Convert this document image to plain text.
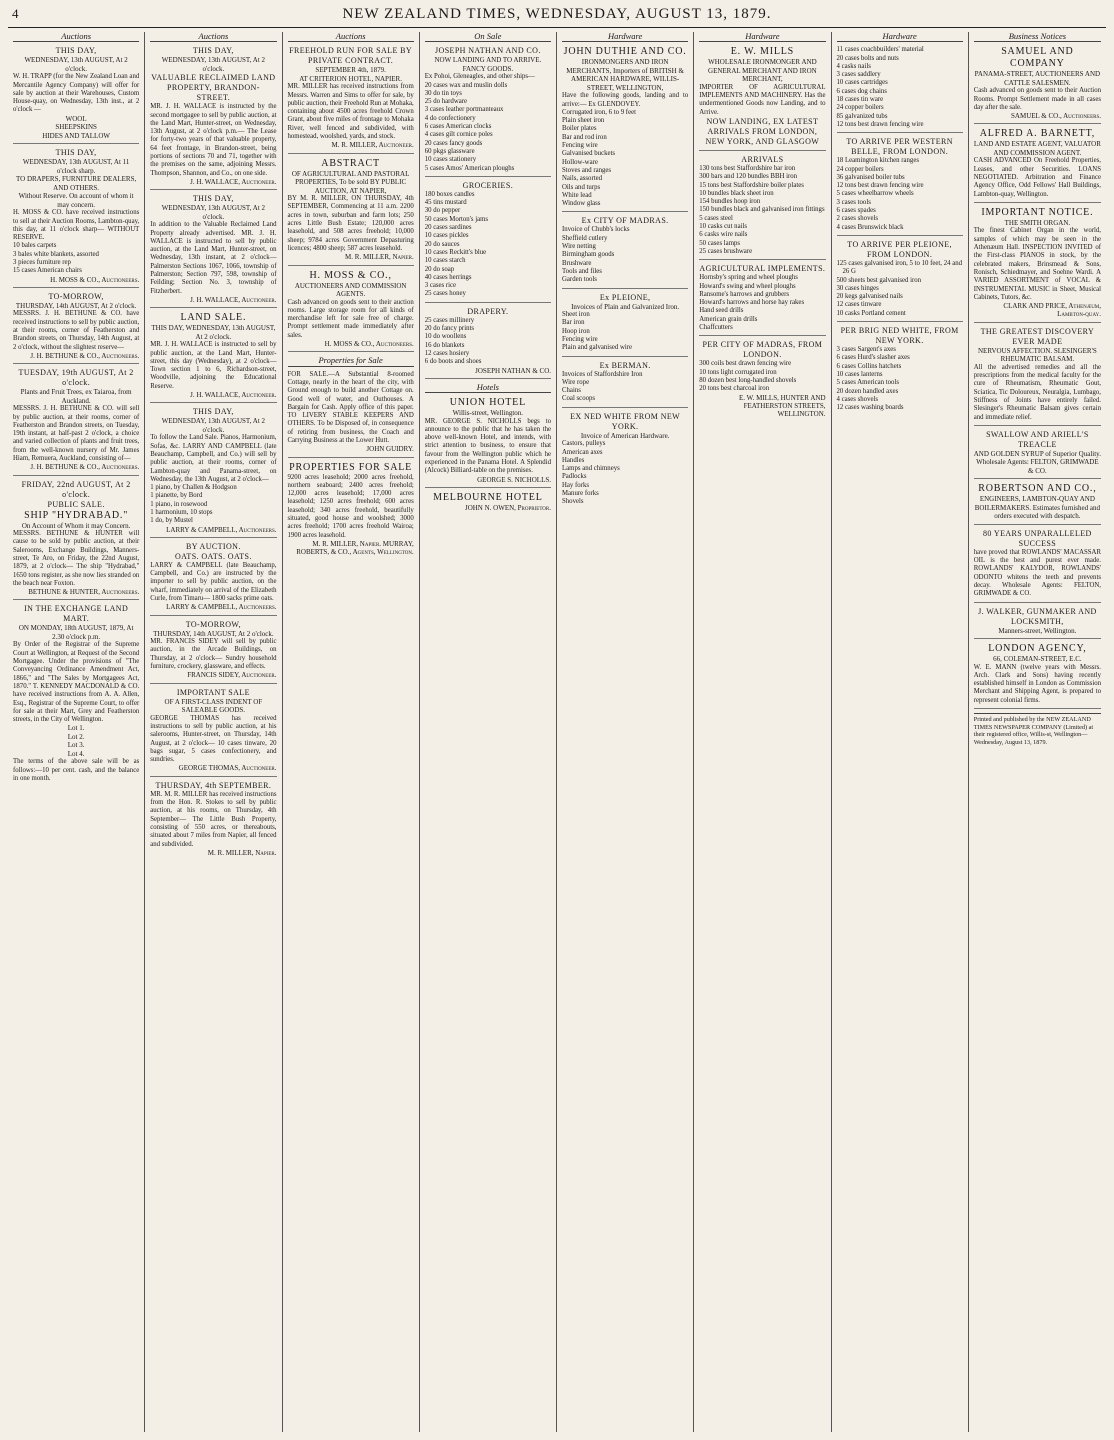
4	NEW ZEALAND TIMES, WEDNESDAY, AUGUST 13, 1879.
Auctions
THIS DAY,
WEDNESDAY, 13th AUGUST, At 2 o'clock.
W. H. TRAPP (for the New Zealand Loan and Mercantile Agency Company) will offer for sale by auction at their Warehouses, Custom House-quay, on Wednesday, 13th inst., at 2 o'clock —
WOOL
SHEEPSKINS
HIDES AND TALLOW
THIS DAY,
WEDNESDAY, 13th AUGUST, At 11 o'clock sharp.
TO DRAPERS, FURNITURE DEALERS, AND OTHERS.
Without Reserve. On account of whom it may concern.
H. MOSS & CO. have received instructions to sell at their Auction Rooms, Lambton-quay, this day, at 11 o'clock sharp— WITHOUT RESERVE.
10 bales carpets
3 bales white blankets, assorted
3 pieces furniture rep
15 cases American chairs
H. MOSS & CO., Auctioneers.
TO-MORROW,
THURSDAY, 14th AUGUST, At 2 o'clock.
MESSRS. J. H. BETHUNE & CO. have received instructions to sell by public auction, at their rooms, corner of Featherston and Brandon streets, on Thursday, 14th August, at 2 o'clock, without the slightest reserve—
J. H. BETHUNE & CO., Auctioneers.
TUESDAY, 19th AUGUST, At 2 o'clock.
Plants and Fruit Trees, ex Taiaroa, from Auckland.
MESSRS. J. H. BETHUNE & CO. will sell by public auction, at their rooms, corner of Featherston and Brandon streets, on Tuesday, 19th instant, at half-past 2 o'clock, a choice and varied collection of plants and fruit trees, from the well-known nursery of Mr. James Hiam, Remuera, Auckland, consisting of—
J. H. BETHUNE & CO., Auctioneers.
FRIDAY, 22nd AUGUST, At 2 o'clock.
PUBLIC SALE.
SHIP "HYDRABAD."
On Account of Whom it may Concern.
MESSRS. BETHUNE & HUNTER will cause to be sold by public auction, at their Salerooms, Exchange Buildings, Manners-street, Te Aro, on Friday, the 22nd August, 1879, at 2 o'clock— The ship "Hydrabad," 1650 tons register, as she now lies stranded on the beach near Foxton.
BETHUNE & HUNTER, Auctioneers.
IN THE EXCHANGE LAND MART.
ON MONDAY, 18th AUGUST, 1879, At 2.30 o'clock p.m.
By Order of the Registrar of the Supreme Court at Wellington, at Request of the Second Mortgagee. Under the provisions of "The Conveyancing Ordinance Amendment Act, 1866," and "The Sales by Mortgagees Act, 1870." T. KENNEDY MACDONALD & CO. have received instructions from A. A. Allen, Esq., Registrar of the Supreme Court, to offer for sale at their Mart, Grey and Featherston streets, in the City of Wellington.
Lot 1.
Lot 2.
Lot 3.
Lot 4.
The terms of the above sale will be as follows:—10 per cent. cash, and the balance in one month.
Auctions
THIS DAY,
WEDNESDAY, 13th AUGUST, At 2 o'clock.
VALUABLE RECLAIMED LAND PROPERTY, BRANDON-STREET.
MR. J. H. WALLACE is instructed by the second mortgagee to sell by public auction, at the Land Mart, Hunter-street, on Wednesday, 13th August, at 2 o'clock p.m.— The Lease for forty-two years of that valuable property, 64 feet frontage, in Brandon-street, being portions of sections 70 and 71, together with the premises on the same, adjoining Messrs. Thompson, Shannon, and Co., on one side.
J. H. WALLACE, Auctioneer.
THIS DAY,
WEDNESDAY, 13th AUGUST, At 2 o'clock.
In addition to the Valuable Reclaimed Land Property already advertised. MR. J. H. WALLACE is instructed to sell by public auction, at the Land Mart, Hunter-street, on Wednesday, 13th instant, at 2 o'clock— Palmerston Sections 1067, 1066, township of Palmerston; Section 797, 598, township of Feilding; Section No. 3, township of Fitzherbert.
J. H. WALLACE, Auctioneer.
LAND SALE.
THIS DAY, WEDNESDAY, 13th AUGUST, At 2 o'clock.
MR. J. H. WALLACE is instructed to sell by public auction, at the Land Mart, Hunter-street, this day (Wednesday), at 2 o'clock— Town section 1 to 6, Richardson-street, Woodville, adjoining the Educational Reserve.
J. H. WALLACE, Auctioneer.
THIS DAY,
WEDNESDAY, 13th AUGUST, At 2 o'clock.
To follow the Land Sale. Pianos, Harmonium, Sofas, &c. LARRY AND CAMPBELL (late Beauchamp, Campbell, and Co.) will sell by public auction, at their rooms, corner of Lambton-quay and Panama-street, on Wednesday, the 13th August, at 2 o'clock—
1 piano, by Challen & Hodgson
1 pianette, by Bord
1 piano, in rosewood
1 harmonium, 10 stops
1 do, by Mustel
LARRY & CAMPBELL, Auctioneers.
BY AUCTION.
OATS. OATS. OATS.
LARRY & CAMPBELL (late Beauchamp, Campbell, and Co.) are instructed by the importer to sell by public auction, on the wharf, immediately on arrival of the Elizabeth Curle, from Timaru— 1800 sacks prime oats.
LARRY & CAMPBELL, Auctioneers.
TO-MORROW,
THURSDAY, 14th AUGUST, At 2 o'clock.
MR. FRANCIS SIDEY will sell by public auction, in the Arcade Buildings, on Thursday, at 2 o'clock— Sundry household furniture, crockery, glassware, and effects.
FRANCIS SIDEY, Auctioneer.
IMPORTANT SALE
OF A FIRST-CLASS INDENT OF SALEABLE GOODS.
GEORGE THOMAS has received instructions to sell by public auction, at his salerooms, Hunter-street, on Thursday, 14th August, at 2 o'clock— 10 cases tinware, 20 bags sugar, 5 cases confectionery, and sundries.
GEORGE THOMAS, Auctioneer.
THURSDAY, 4th SEPTEMBER.
MR. M. R. MILLER has received instructions from the Hon. R. Stokes to sell by public auction, at his rooms, on Thursday, 4th September— The Little Bush Property, consisting of 550 acres, or thereabouts, situated about 7 miles from Napier, all fenced and subdivided.
M. R. MILLER, Napier.
Auctions
FREEHOLD RUN FOR SALE BY PRIVATE CONTRACT.
SEPTEMBER 4th, 1879.
AT CRITERION HOTEL, NAPIER.
MR. MILLER has received instructions from Messrs. Warren and Sims to offer for sale, by public auction, their Freehold Run at Mohaka, containing about 4500 acres freehold Crown Grant, about five miles of frontage to Mohaka River, well fenced and subdivided, with homestead, woolshed, yards, and stock.
M. R. MILLER, Auctioneer.
ABSTRACT
OF AGRICULTURAL AND PASTORAL PROPERTIES, To be sold BY PUBLIC AUCTION, AT NAPIER,
BY M. R. MILLER, ON THURSDAY, 4th SEPTEMBER, Commencing at 11 a.m. 2200 acres in town, suburban and farm lots; 250 acres Little Bush Estate; 120,000 acres leasehold, and 508 acres freehold; 10,000 sheep; 9784 acres Government Depasturing licences; 4800 sheep; 587 acres leasehold.
M. R. MILLER, Napier.
H. MOSS & CO.,
AUCTIONEERS AND COMMISSION AGENTS.
Cash advanced on goods sent to their auction rooms. Large storage room for all kinds of merchandise left for sale free of charge. Prompt settlement made immediately after sales.
H. MOSS & CO., Auctioneers.
Properties for Sale
FOR SALE.—A Substantial 8-roomed Cottage, nearly in the heart of the city, with Ground enough to build another Cottage on. Good well of water, and Outhouses. A Bargain for Cash. Apply office of this paper. TO LIVERY STABLE KEEPERS AND OTHERS. To be Disposed of, in consequence of retiring from business, the Coach and Carrying Business at the Lower Hutt.
JOHN GUIDRY.
PROPERTIES FOR SALE
9200 acres leasehold; 2000 acres freehold, northern seaboard; 2400 acres freehold; 12,000 acres leasehold; 17,000 acres leasehold; 1250 acres freehold; 600 acres leasehold; 340 acres freehold, beautifully situated, good house and woolshed; 3000 acres freehold; 1700 acres freehold Wairoa; 1900 acres leasehold.
M. R. MILLER, Napier. MURRAY, ROBERTS, & CO., Agents, Wellington.
On Sale
JOSEPH NATHAN AND CO.
NOW LANDING AND TO ARRIVE. FANCY GOODS.
Ex Pohoi, Gleneagles, and other ships—
20 cases wax and muslin dolls
30 do tin toys
25 do hardware
3 cases leather portmanteaux
4 do confectionery
6 cases American clocks
4 cases gilt cornice poles
20 cases fancy goods
60 pkgs glassware
10 cases stationery
5 cases Amos' American ploughs
GROCERIES.
180 boxes candles
45 tins mustard
30 do pepper
50 cases Morton's jams
20 cases sardines
10 cases pickles
20 do sauces
10 cases Reckitt's blue
10 cases starch
20 do soap
40 cases herrings
3 cases rice
25 cases honey
DRAPERY.
25 cases millinery
20 do fancy prints
10 do woollens
16 do blankets
12 cases hosiery
6 do boots and shoes
JOSEPH NATHAN & CO.
Hotels
UNION HOTEL
Willis-street, Wellington.
MR. GEORGE S. NICHOLLS begs to announce to the public that he has taken the above well-known Hotel, and intends, with strict attention to business, to ensure that favour from the Wellington public which he experienced in the Panama Hotel. A Splendid (Alcock) Billiard-table on the premises.
GEORGE S. NICHOLLS.
MELBOURNE HOTEL
JOHN N. OWEN, Proprietor.
Hardware
JOHN DUTHIE AND CO.
IRONMONGERS AND IRON MERCHANTS, Importers of BRITISH & AMERICAN HARDWARE, WILLIS-STREET, WELLINGTON,
Have the following goods, landing and to arrive:— Ex GLENDOVEY.
Corrugated iron, 6 to 9 feet
Plain sheet iron
Boiler plates
Bar and rod iron
Fencing wire
Galvanised buckets
Hollow-ware
Stoves and ranges
Nails, assorted
Oils and turps
White lead
Window glass
Ex CITY OF MADRAS.
Invoice of Chubb's locks
Sheffield cutlery
Wire netting
Birmingham goods
Brushware
Tools and files
Garden tools
Ex PLEIONE,
Invoices of Plain and Galvanized Iron.
Sheet iron
Bar iron
Hoop iron
Fencing wire
Plain and galvanised wire
Ex BERMAN.
Invoices of Staffordshire Iron
Wire rope
Chains
Coal scoops
EX NED WHITE FROM NEW YORK.
Invoice of American Hardware.
Castors, pulleys
American axes
Handles
Lamps and chimneys
Padlocks
Hay forks
Manure forks
Shovels
Hardware
E. W. MILLS
WHOLESALE IRONMONGER AND GENERAL MERCHANT AND IRON MERCHANT,
IMPORTER OF AGRICULTURAL IMPLEMENTS AND MACHINERY. Has the undermentioned Goods now Landing, and to Arrive.
NOW LANDING, EX LATEST ARRIVALS FROM LONDON, NEW YORK, AND GLASGOW
ARRIVALS
130 tons best Staffordshire bar iron
300 bars and 120 bundles BBH iron
15 tons best Staffordshire boiler plates
10 bundles black sheet iron
154 bundles hoop iron
150 bundles black and galvanised iron fittings
5 cases steel
10 casks cut nails
6 casks wire nails
50 cases lamps
25 cases brushware
AGRICULTURAL IMPLEMENTS.
Hornsby's spring and wheel ploughs
Howard's swing and wheel ploughs
Ransome's harrows and grubbers
Howard's harrows and horse hay rakes
Hand seed drills
American grain drills
Chaffcutters
PER CITY OF MADRAS, FROM LONDON.
300 coils best drawn fencing wire
10 tons light corrugated iron
80 dozen best long-handled shovels
20 tons best charcoal iron
E. W. MILLS, HUNTER AND FEATHERSTON STREETS, WELLINGTON.
Hardware
11 cases coachbuilders' material
20 cases bolts and nuts
4 casks nails
3 cases saddlery
10 cases cartridges
6 cases dog chains
18 cases tin ware
24 copper boilers
85 galvanized tubs
12 tons best drawn fencing wire
TO ARRIVE PER WESTERN BELLE, FROM LONDON.
18 Leamington kitchen ranges
24 copper boilers
36 galvanised boiler tubs
12 tons best drawn fencing wire
5 cases wheelbarrow wheels
3 cases tools
6 cases spades
2 cases shovels
4 cases Brunswick black
TO ARRIVE PER PLEIONE, FROM LONDON.
125 cases galvanised iron, 5 to 10 feet, 24 and 26 G
500 sheets best galvanised iron
30 cases hinges
20 kegs galvanised nails
12 cases tinware
10 casks Portland cement
PER BRIG NED WHITE, FROM NEW YORK.
3 cases Sargent's axes
6 cases Hurd's slasher axes
6 cases Collins hatchets
10 cases lanterns
5 cases American tools
20 dozen handled axes
4 cases shovels
12 cases washing boards
Business Notices
SAMUEL AND COMPANY
PANAMA-STREET, AUCTIONEERS AND CATTLE SALESMEN.
Cash advanced on goods sent to their Auction Rooms. Prompt Settlement made in all cases day after the sale.
SAMUEL & CO., Auctioneers.
ALFRED A. BARNETT,
LAND AND ESTATE AGENT, VALUATOR AND COMMISSION AGENT.
CASH ADVANCED On Freehold Properties, Leases, and other Securities. LOANS NEGOTIATED. Arbitration and Finance Agency Office, Odd Fellows' Hall Buildings, Lambton-quay, Wellington.
IMPORTANT NOTICE.
THE SMITH ORGAN.
The finest Cabinet Organ in the world, samples of which may be seen in the Athenæum Hall. INSPECTION INVITED of the First-class PIANOS in stock, by the celebrated makers, Brinsmead & Sons, Ronisch, Schiedmayer, and Soehne Wardi. A VARIED ASSORTMENT of VOCAL & INSTRUMENTAL MUSIC in Sheet, Musical Cabinets, Tutors, &c.
CLARK AND PRICE, Athenæum, Lambton-quay.
THE GREATEST DISCOVERY EVER MADE
NERVOUS AFFECTION. SLESINGER'S RHEUMATIC BALSAM.
All the advertised remedies and all the prescriptions from the medical faculty for the cure of Rheumatism, Rheumatic Gout, Sciatica, Tic Doloureux, Neuralgia, Lumbago, Stiffness of Joints have entirely failed. Slesinger's Rheumatic Balsam gives certain and immediate relief.
SWALLOW AND ARIELL'S TREACLE
AND GOLDEN SYRUP of Superior Quality. Wholesale Agents: FELTON, GRIMWADE & CO.
ROBERTSON AND CO.,
ENGINEERS, LAMBTON-QUAY AND BOILERMAKERS. Estimates furnished and orders executed with despatch.
80 YEARS UNPARALLELED SUCCESS
have proved that ROWLANDS' MACASSAR OIL is the best and purest ever made. ROWLANDS' KALYDOR, ROWLANDS' ODONTO whitens the teeth and prevents decay. Wholesale Agents: FELTON, GRIMWADE & CO.
J. WALKER, GUNMAKER AND LOCKSMITH,
Manners-street, Wellington.
LONDON AGENCY,
66, COLEMAN-STREET, E.C.
W. E. MANN (twelve years with Messrs. Arch. Clark and Sons) having recently established himself in London as Commission Merchant and Shipping Agent, is prepared to represent colonial firms.
Printed and published by the NEW ZEALAND TIMES NEWSPAPER COMPANY (Limited) at their registered office, Willis-st, Wellington—Wednesday, August 13, 1879.
